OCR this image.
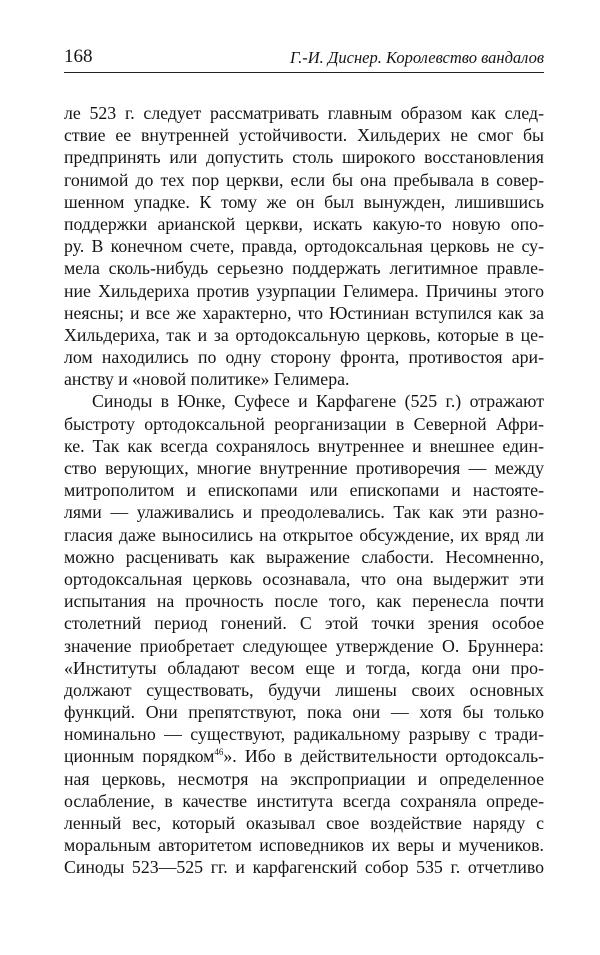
168	Г.-И. Диснер. Королевство вандалов
ле 523 г. следует рассматривать главным образом как след-
ствие ее внутренней устойчивости. Хильдерих не смог бы
предпринять или допустить столь широкого восстановления
гонимой до тех пор церкви, если бы она пребывала в совер-
шенном упадке. К тому же он был вынужден, лишившись
поддержки арианской церкви, искать какую-то новую опо-
ру. В конечном счете, правда, ортодоксальная церковь не су-
мела сколь-нибудь серьезно поддержать легитимное правле-
ние Хильдериха против узурпации Гелимера. Причины этого
неясны; и все же характерно, что Юстиниан вступился как за
Хильдериха, так и за ортодоксальную церковь, которые в це-
лом находились по одну сторону фронта, противостоя ари-
анству и «новой политике» Гелимера.
Синоды в Юнке, Суфесе и Карфагене (525 г.) отражают
быстроту ортодоксальной реорганизации в Северной Афри-
ке. Так как всегда сохранялось внутреннее и внешнее един-
ство верующих, многие внутренние противоречия — между
митрополитом и епископами или епископами и настояте-
лями — улаживались и преодолевались. Так как эти разно-
гласия даже выносились на открытое обсуждение, их вряд ли
можно расценивать как выражение слабости. Несомненно,
ортодоксальная церковь осознавала, что она выдержит эти
испытания на прочность после того, как перенесла почти
столетний период гонений. С этой точки зрения особое
значение приобретает следующее утверждение О. Бруннера:
«Институты обладают весом еще и тогда, когда они про-
должают существовать, будучи лишены своих основных
функций. Они препятствуют, пока они — хотя бы только
номинально — существуют, радикальному разрыву с тради-
ционным порядком$^{46}$». Ибо в действительности ортодоксаль-
ная церковь, несмотря на экспроприации и определенное
ослабление, в качестве института всегда сохраняла опреде-
ленный вес, который оказывал свое воздействие наряду с
моральным авторитетом исповедников их веры и мучеников.
Синоды 523—525 гг. и карфагенский собор 535 г. отчетливо
